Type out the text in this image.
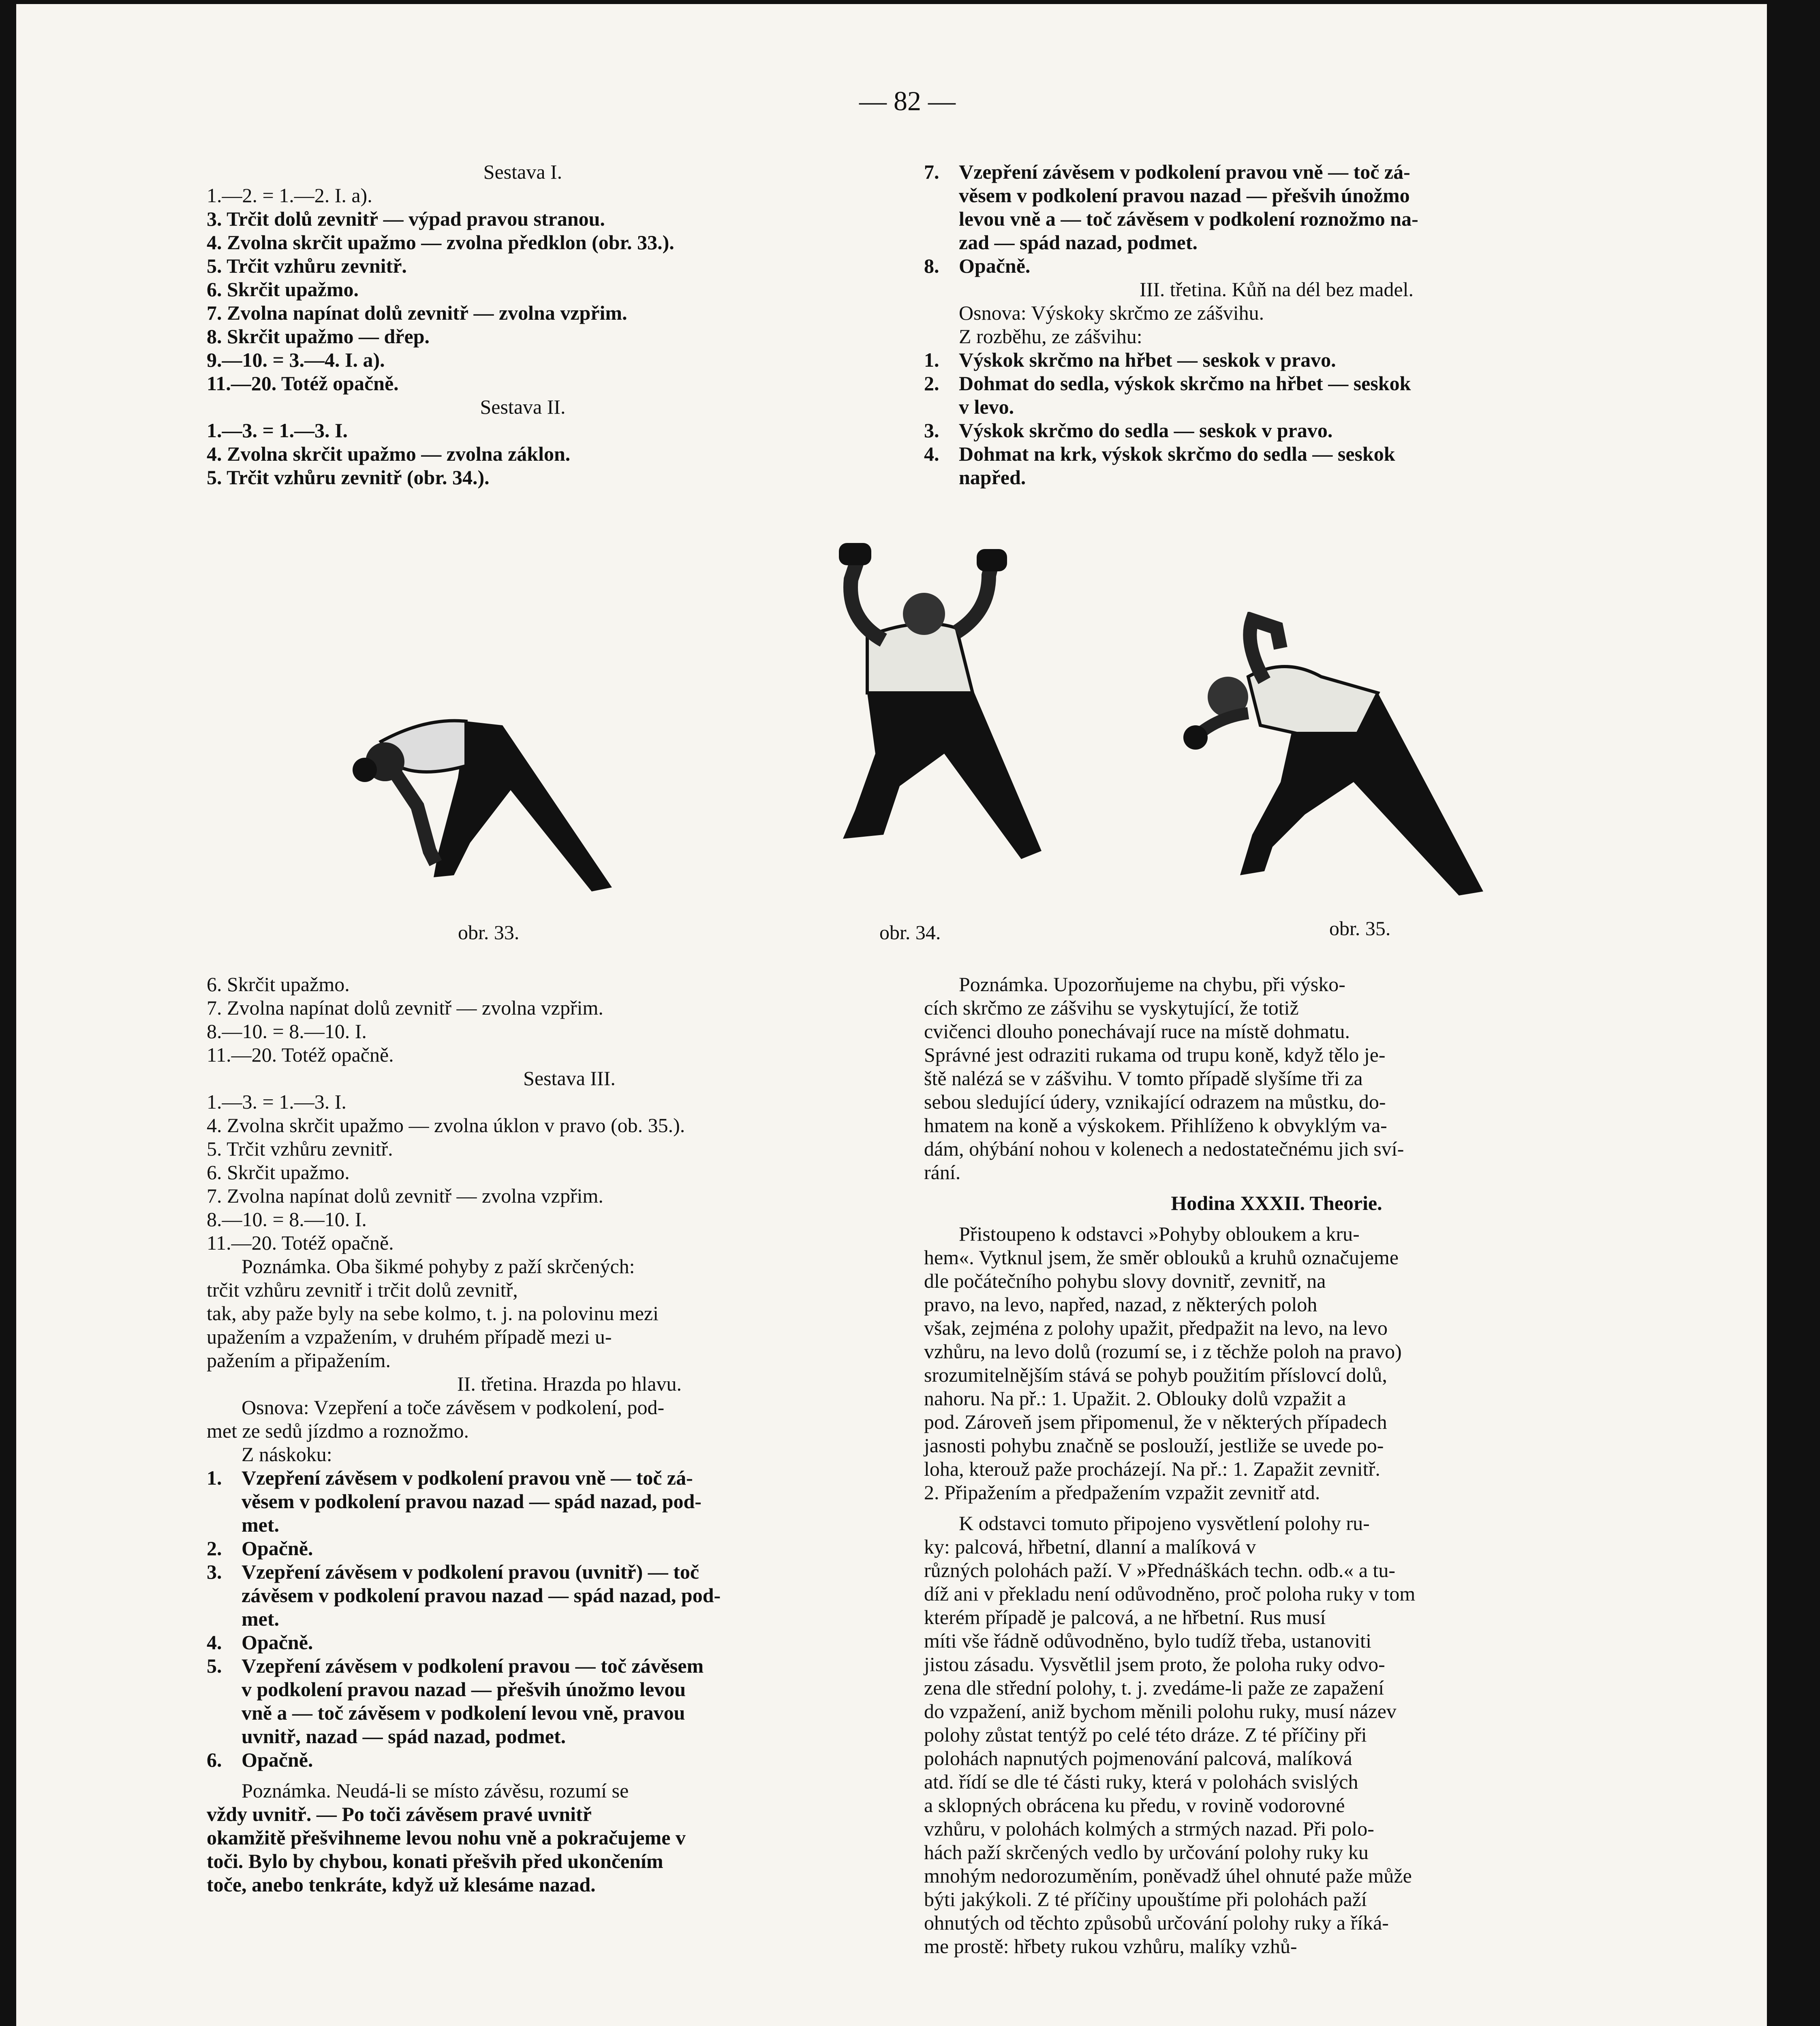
— 82 —
Sestava I.
1.—2. = 1.—2. I. a).
3. Trčit dolů zevnitř — výpad pravou stranou.
4. Zvolna skrčit upažmo — zvolna předklon (obr. 33.).
5. Trčit vzhůru zevnitř.
6. Skrčit upažmo.
7. Zvolna napínat dolů zevnitř — zvolna vzpřim.
8. Skrčit upažmo — dřep.
9.—10. = 3.—4. I. a).
11.—20. Totéž opačně.
Sestava II.
1.—3. = 1.—3. I.
4. Zvolna skrčit upažmo — zvolna záklon.
5. Trčit vzhůru zevnitř (obr. 34.).
7. Vzepření závěsem v podkolení pravou vně — toč zá-
věsem v podkolení pravou nazad — přešvih únožmo
levou vně a — toč závěsem v podkolení roznožmo na-
zad — spád nazad, podmet.
8. Opačně.
III. třetina. Kůň na dél bez madel.
Osnova: Výskoky skrčmo ze zášvihu.
Z rozběhu, ze zášvihu:
1. Výskok skrčmo na hřbet — seskok v pravo.
2. Dohmat do sedla, výskok skrčmo na hřbet — seskok
v levo.
3. Výskok skrčmo do sedla — seskok v pravo.
4. Dohmat na krk, výskok skrčmo do sedla — seskok
napřed.
obr. 33.	obr. 34.	obr. 35.
6. Skrčit upažmo.
7. Zvolna napínat dolů zevnitř — zvolna vzpřim.
8.—10. = 8.—10. I.
11.—20. Totéž opačně.
Sestava III.
1.—3. = 1.—3. I.
4. Zvolna skrčit upažmo — zvolna úklon v pravo (ob. 35.).
5. Trčit vzhůru zevnitř.
6. Skrčit upažmo.
7. Zvolna napínat dolů zevnitř — zvolna vzpřim.
8.—10. = 8.—10. I.
11.—20. Totéž opačně.
Poznámka. Oba šikmé pohyby z paží skrčených:
trčit vzhůru zevnitř i trčit dolů zevnitř,
tak, aby paže byly na sebe kolmo, t. j. na polovinu mezi
upažením a vzpažením, v druhém případě mezi u-
pažením a připažením.
II. třetina. Hrazda po hlavu.
Osnova: Vzepření a toče závěsem v podkolení, pod-
met ze sedů jízdmo a roznožmo.
Z náskoku:
1. Vzepření závěsem v podkolení pravou vně — toč zá-
věsem v podkolení pravou nazad — spád nazad, pod-
met.
2. Opačně.
3. Vzepření závěsem v podkolení pravou (uvnitř) — toč
závěsem v podkolení pravou nazad — spád nazad, pod-
met.
4. Opačně.
5. Vzepření závěsem v podkolení pravou — toč závěsem
v podkolení pravou nazad — přešvih únožmo levou
vně a — toč závěsem v podkolení levou vně, pravou
uvnitř, nazad — spád nazad, podmet.
6. Opačně.
Poznámka. Neudá-li se místo závěsu, rozumí se
vždy uvnitř. — Po toči závěsem pravé uvnitř
okamžitě přešvihneme levou nohu vně a pokračujeme v
toči. Bylo by chybou, konati přešvih před ukončením
toče, anebo tenkráte, když už klesáme nazad.
Poznámka. Upozorňujeme na chybu, při výsko-
cích skrčmo ze zášvihu se vyskytující, že totiž
cvičenci dlouho ponechávají ruce na místě dohmatu.
Správné jest odraziti rukama od trupu koně, když tělo je-
ště nalézá se v zášvihu. V tomto případě slyšíme tři za
sebou sledující údery, vznikající odrazem na můstku, do-
hmatem na koně a výskokem. Přihlíženo k obvyklým va-
dám, ohýbání nohou v kolenech a nedostatečnému jich sví-
rání.
Hodina XXXII. Theorie.
Přistoupeno k odstavci »Pohyby obloukem a kru-
hem«. Vytknul jsem, že směr oblouků a kruhů označujeme
dle počátečního pohybu slovy dovnitř, zevnitř, na
pravo, na levo, napřed, nazad, z některých poloh
však, zejména z polohy upažit, předpažit na levo, na levo
vzhůru, na levo dolů (rozumí se, i z těchže poloh na pravo)
srozumitelnějším stává se pohyb použitím příslovcí dolů,
nahoru. Na př.: 1. Upažit. 2. Oblouky dolů vzpažit a
pod. Zároveň jsem připomenul, že v některých případech
jasnosti pohybu značně se poslouží, jestliže se uvede po-
loha, kterouž paže procházejí. Na př.: 1. Zapažit zevnitř.
2. Připažením a předpažením vzpažit zevnitř atd.
K odstavci tomuto připojeno vysvětlení polohy ru-
ky: palcová, hřbetní, dlanní a malíková v
různých polohách paží. V »Přednáškách techn. odb.« a tu-
díž ani v překladu není odůvodněno, proč poloha ruky v tom
kterém případě je palcová, a ne hřbetní. Rus musí
míti vše řádně odůvodněno, bylo tudíž třeba, ustanoviti
jistou zásadu. Vysvětlil jsem proto, že poloha ruky odvo-
zena dle střední polohy, t. j. zvedáme-li paže ze zapažení
do vzpažení, aniž bychom měnili polohu ruky, musí název
polohy zůstat tentýž po celé této dráze. Z té příčiny při
polohách napnutých pojmenování palcová, malíková
atd. řídí se dle té části ruky, která v polohách svislých
a sklopných obrácena ku předu, v rovině vodorovné
vzhůru, v polohách kolmých a strmých nazad. Při polo-
hách paží skrčených vedlo by určování polohy ruky ku
mnohým nedorozuměním, poněvadž úhel ohnuté paže může
býti jakýkoli. Z té příčiny upouštíme při polohách paží
ohnutých od těchto způsobů určování polohy ruky a říká-
me prostě: hřbety rukou vzhůru, malíky vzhů-
